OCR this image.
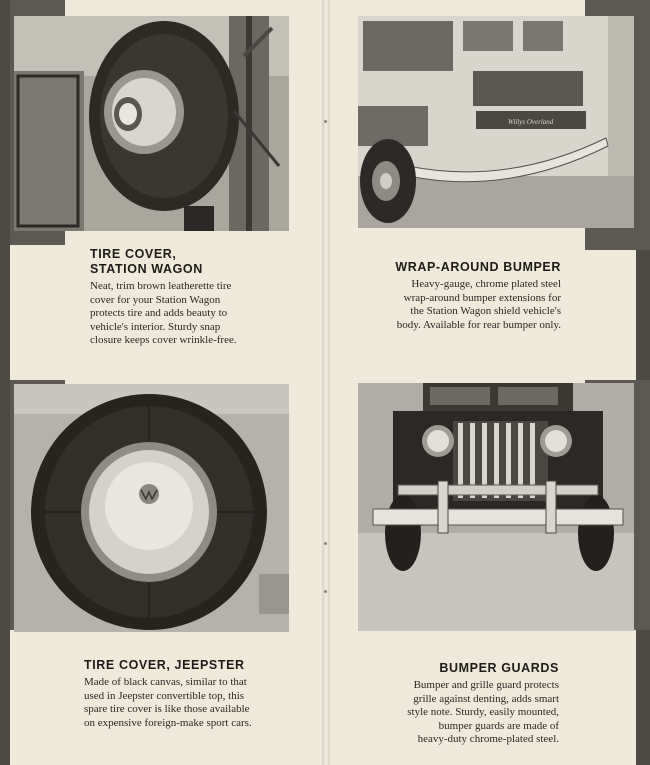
Willys Overland
TIRE COVER,
STATION WAGON
Neat, trim brown leatherette tire
cover for your Station Wagon
protects tire and adds beauty to
vehicle's interior. Sturdy snap
closure keeps cover wrinkle-free.
WRAP-AROUND BUMPER
Heavy-gauge, chrome plated steel
wrap-around bumper extensions for
the Station Wagon shield vehicle's
body. Available for rear bumper only.
TIRE COVER, JEEPSTER
Made of black canvas, similar to that
used in Jeepster convertible top, this
spare tire cover is like those available
on expensive foreign-make sport cars.
BUMPER GUARDS
Bumper and grille guard protects
grille against denting, adds smart
style note. Sturdy, easily mounted,
bumper guards are made of
heavy-duty chrome-plated steel.
